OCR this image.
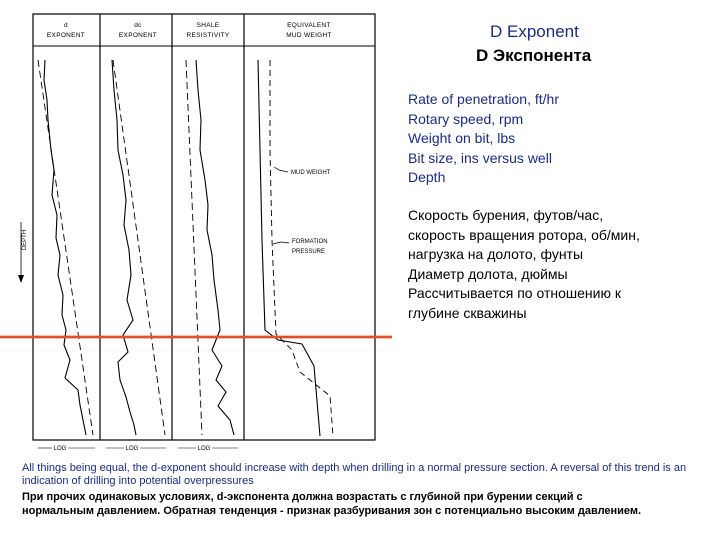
d
EXPONENT
dc
EXPONENT
SHALE
RESISTIVITY
EQUIVALENT
MUD WEIGHT
DEPTH
LOG	LOG	LOG
MUD WEIGHT
FORMATION
PRESSURE
D Exponent
D Экспонента
Rate of penetration, ft/hr
Rotary speed, rpm
Weight on bit, lbs
Bit size, ins versus well
Depth
Скорость бурения, футов/час,
скорость вращения ротора, об/мин,
нагрузка на долото, фунты
Диаметр долота, дюймы
Рассчитывается по отношению к
глубине скважины
All things being equal, the d-exponent should increase with depth when drilling in a normal pressure section. A reversal of this trend is an indication of drilling into potential overpressures
При прочих одинаковых условиях, d-экспонента должна возрастать с глубиной при бурении секций с
нормальным давлением. Обратная тенденция - признак разбуривания зон с потенциально высоким давлением.
